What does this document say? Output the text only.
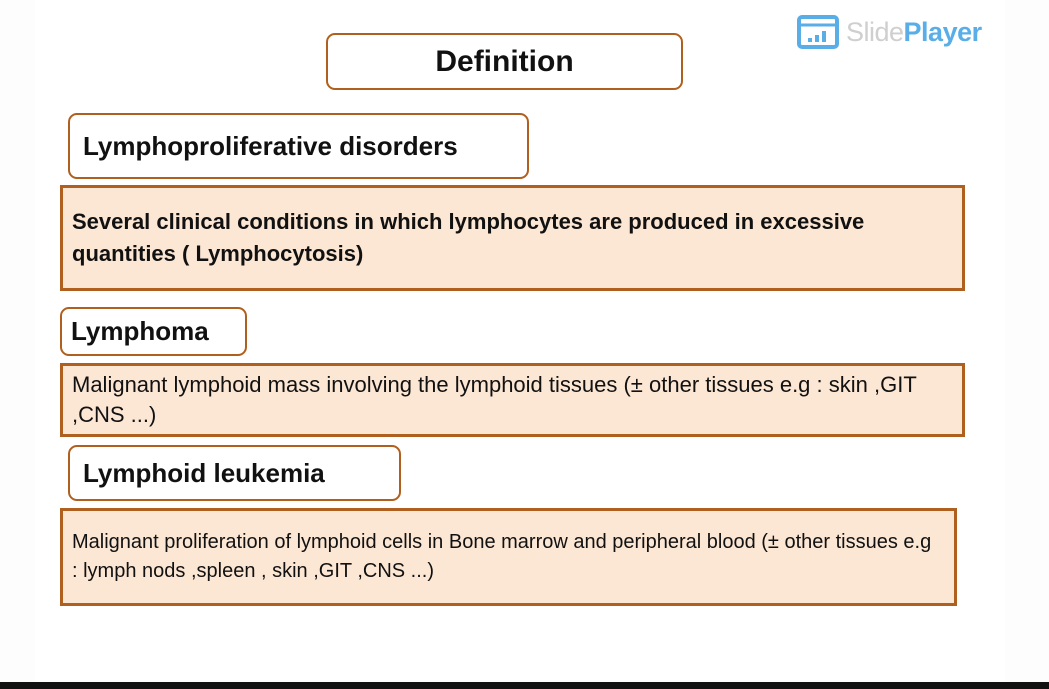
SlidePlayer
Definition
Lymphoproliferative disorders
Several clinical conditions in which lymphocytes are produced in excessive quantities ( Lymphocytosis)
Lymphoma
Malignant lymphoid mass involving the lymphoid tissues (± other tissues e.g : skin ,GIT ,CNS ...)
Lymphoid leukemia
Malignant proliferation of lymphoid cells in Bone marrow and peripheral blood (± other tissues e.g : lymph nods ,spleen , skin ,GIT ,CNS ...)
